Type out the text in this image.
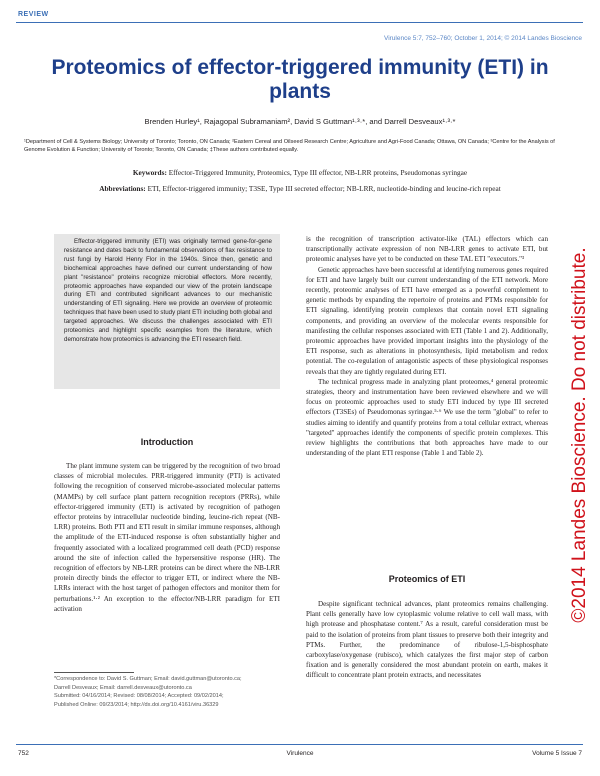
REVIEW
Virulence 5:7, 752–760; October 1, 2014; © 2014 Landes Bioscience
Proteomics of effector-triggered immunity (ETI) in plants
Brenden Hurley¹, Rajagopal Subramaniam², David S Guttman¹·³·*, and Darrell Desveaux¹·³·*
¹Department of Cell & Systems Biology; University of Toronto; Toronto, ON Canada; ²Eastern Cereal and Oilseed Research Centre; Agriculture and Agri-Food Canada; Ottawa, ON Canada; ³Centre for the Analysis of Genome Evolution & Function; University of Toronto; Toronto, ON Canada; ‡These authors contributed equally.
Keywords: Effector-Triggered Immunity, Proteomics, Type III effector, NB-LRR proteins, Pseudomonas syringae
Abbreviations: ETI, Effector-triggered immunity; T3SE, Type III secreted effector; NB-LRR, nucleotide-binding and leucine-rich repeat
Effector-triggered immunity (ETI) was originally termed gene-for-gene resistance and dates back to fundamental observations of flax resistance to rust fungi by Harold Henry Flor in the 1940s. Since then, genetic and biochemical approaches have defined our current understanding of how plant "resistance" proteins recognize microbial effectors. More recently, proteomic approaches have expanded our view of the protein landscape during ETI and contributed significant advances to our mechanistic understanding of ETI signaling. Here we provide an overview of proteomic techniques that have been used to study plant ETI including both global and targeted approaches. We discuss the challenges associated with ETI proteomics and highlight specific examples from the literature, which demonstrate how proteomics is advancing the ETI research field.
Introduction

The plant immune system can be triggered by the recognition of two broad classes of microbial molecules. PRR-triggered immunity (PTI) is activated following the recognition of conserved microbe-associated molecular patterns (MAMPs) by cell surface plant pattern recognition receptors (PRRs), while effector-triggered immunity (ETI) is activated by recognition of pathogen effector proteins by intracellular nucleotide binding, leucine-rich repeat (NB-LRR) proteins. Both PTI and ETI result in similar immune responses, although the amplitude of the ETI-induced response is often substantially higher and frequently associated with a localized programmed cell death (PCD) response around the site of infection called the hypersensitive response (HR). The recognition of effectors by NB-LRR proteins can be direct where the NB-LRR protein directly binds the effector to trigger ETI, or indirect where the NB-LRRs interact with the host target of pathogen effectors and monitor them for perturbations.¹·² An exception to the effector/NB-LRR paradigm for ETI activation

is the recognition of transcription activator-like (TAL) effectors which can transcriptionally activate expression of non NB-LRR genes to activate ETI, but proteomic analyses have yet to be conducted on these TAL ETI "executors."³

Genetic approaches have been successful at identifying numerous genes required for ETI and have largely built our current understanding of the ETI network. More recently, proteomic analyses of ETI have emerged as a powerful complement to genetic methods by expanding the repertoire of proteins and PTMs responsible for ETI signaling, identifying protein complexes that contain novel ETI signaling components, and providing an overview of the molecular events responsible for manifesting the cellular responses associated with ETI (Table 1 and 2). Additionally, proteomic approaches have provided important insights into the physiology of the ETI response, such as alterations in photosynthesis, lipid metabolism and redox potential. The co-regulation of antagonistic aspects of these physiological responses reveals that they are tightly regulated during ETI.

The technical progress made in analyzing plant proteomes,⁴ general proteomic strategies, theory and instrumentation have been reviewed elsewhere and we will focus on proteomic approaches used to study ETI induced by type III secreted effectors (T3SEs) of Pseudomonas syringae.⁵·⁶ We use the term "global" to refer to studies aiming to identify and quantify proteins from a total cellular extract, whereas "targeted" approaches identify the components of specific protein complexes. This review highlights the contributions that both approaches have made to our understanding of the plant ETI response (Table 1 and Table 2).

Proteomics of ETI
Despite significant technical advances, plant proteomics remains challenging. Plant cells generally have low cytoplasmic volume relative to cell wall mass, with high protease and phosphatase content.⁷ As a result, careful consideration must be paid to the isolation of proteins from plant tissues to preserve both their integrity and PTMs. Further, the predominance of ribulose-1,5-bisphosphate carboxylase/oxygenase (rubisco), which catalyzes the first major step of carbon fixation and is generally considered the most abundant protein on earth, makes it difficult to concentrate plant protein extracts, and necessitates
*Correspondence to: David S. Guttman; Email: david.guttman@utoronto.ca;
Darrell Desveaux; Email: darrell.desveaux@utoronto.ca
Submitted: 04/16/2014; Revised: 08/08/2014; Accepted: 09/02/2014;
Published Online: 09/23/2014; http://dx.doi.org/10.4161/viru.36329
©2014 Landes Bioscience. Do not distribute.
752	Virulence	Volume 5 Issue 7
